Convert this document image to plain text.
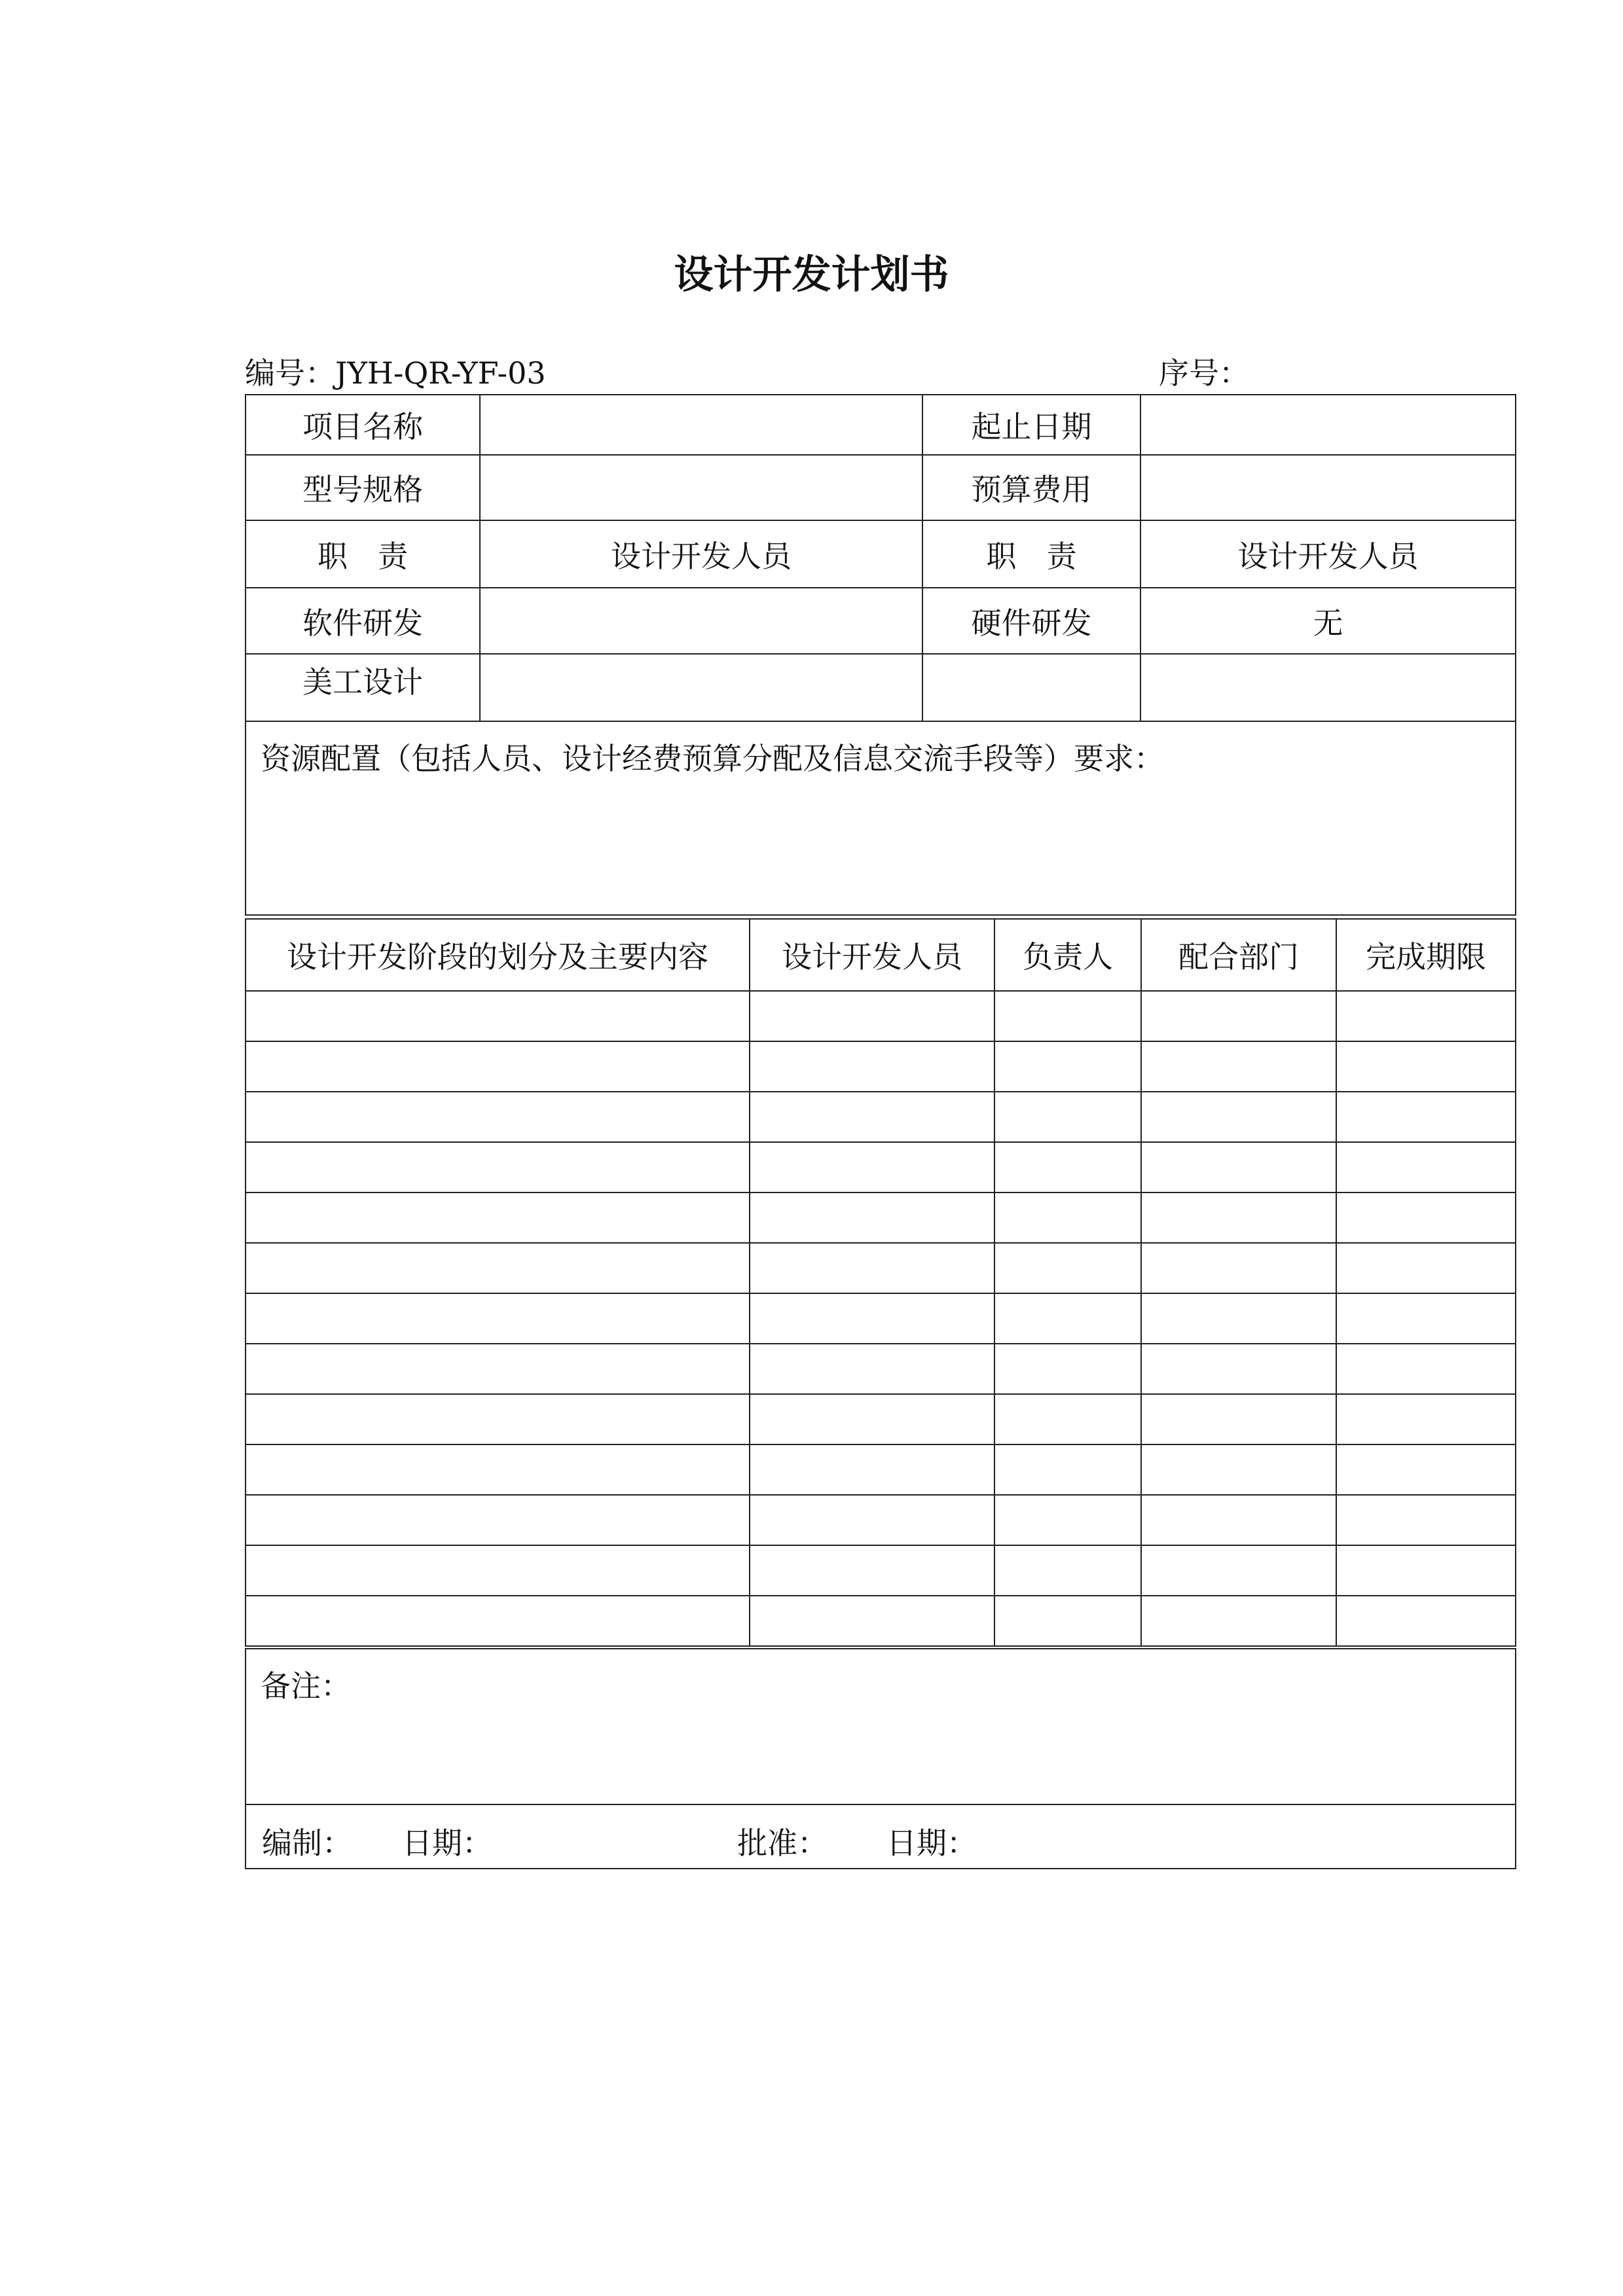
设计开发计划书
编号：JYH-QR-YF-03	序号：
项目名称		起止日期	
型号规格		预算费用	
职　责	设计开发人员	职　责	设计开发人员
软件研发		硬件研发	无
美工设计			
资源配置（包括人员、设计经费预算分配及信息交流手段等）要求：			
设计开发阶段的划分及主要内容	设计开发人员	负责人	配合部门	完成期限

备注：

编制： 日期：	批准： 日期：
